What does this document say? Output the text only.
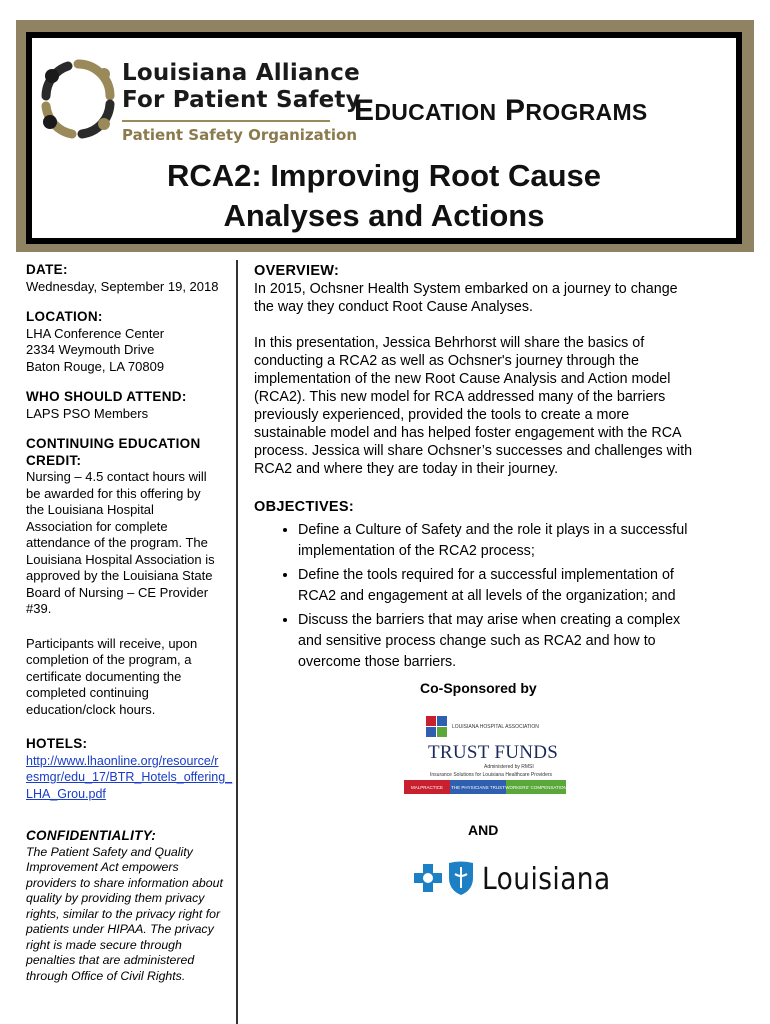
Louisiana Alliance
For Patient Safety
Patient Safety Organization
EDUCATION PROGRAMS
RCA2: Improving Root Cause
Analyses and Actions
DATE:
Wednesday, September 19, 2018
LOCATION:
LHA Conference Center
2334 Weymouth Drive
Baton Rouge, LA 70809
WHO SHOULD ATTEND:
LAPS PSO Members
CONTINUING EDUCATION
CREDIT:
Nursing – 4.5 contact hours will
be awarded for this offering by
the Louisiana Hospital
Association for complete
attendance of the program. The
Louisiana Hospital Association is
approved by the Louisiana State
Board of Nursing – CE Provider
#39.
Participants will receive, upon
completion of the program, a
certificate documenting the
completed continuing
education/clock hours.
HOTELS:
http://www.lhaonline.org/resource/r
esmgr/edu_17/BTR_Hotels_offering_
LHA_Grou.pdf
CONFIDENTIALITY:
The Patient Safety and Quality
Improvement Act empowers
providers to share information about
quality by providing them privacy
rights, similar to the privacy right for
patients under HIPAA. The privacy
right is made secure through
penalties that are administered
through Office of Civil Rights.
OVERVIEW:

In 2015, Ochsner Health System embarked on a journey to change
the way they conduct Root Cause Analyses.

In this presentation, Jessica Behrhorst will share the basics of
conducting a RCA2 as well as Ochsner's journey through the
implementation of the new Root Cause Analysis and Action model
(RCA2). This new model for RCA addressed many of the barriers
previously experienced, provided the tools to create a more
sustainable model and has helped foster engagement with the RCA
process. Jessica will share Ochsner’s successes and challenges with
RCA2 and where they are today in their journey.

OBJECTIVES:
• Define a Culture of Safety and the role it plays in a successful
implementation of the RCA2 process;
• Define the tools required for a successful implementation of
RCA2 and engagement at all levels of the organization; and
• Discuss the barriers that may arise when creating a complex
and sensitive process change such as RCA2 and how to
overcome those barriers.
Co-Sponsored by
LOUISIANA HOSPITAL ASSOCIATION
TRUST FUNDS
Administered by RMSI
Insurance Solutions for Louisiana Healthcare Providers
MALPRACTICE	THE PHYSICIANS TRUST WORKERS' COMPENSATION
AND
Louisiana
